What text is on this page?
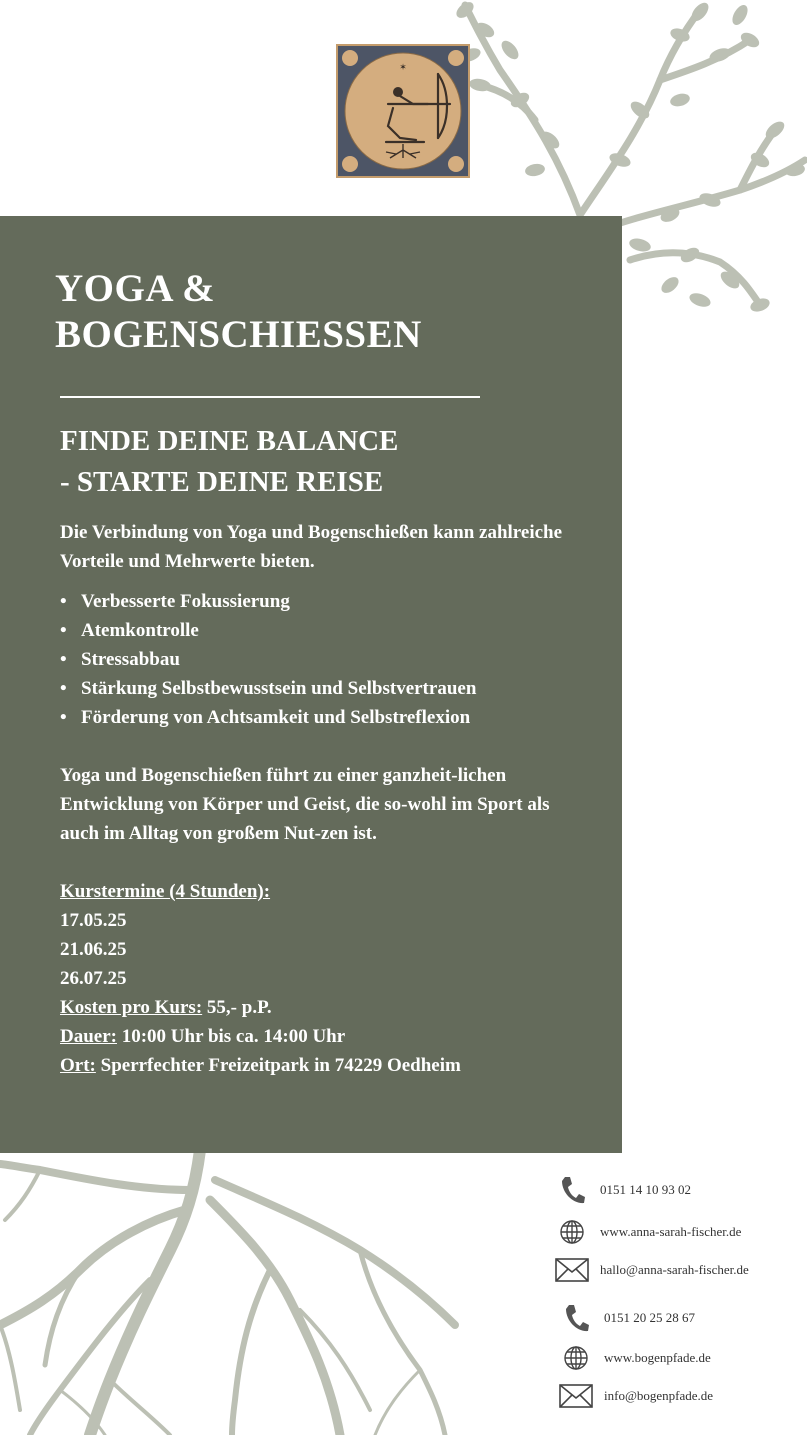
✶
YOGA &
BOGENSCHIESSEN
FINDE DEINE BALANCE
- STARTE DEINE REISE

Die Verbindung von Yoga und Bogenschießen kann zahlreiche Vorteile und Mehrwerte bieten.

• Verbesserte Fokussierung
• Atemkontrolle
• Stressabbau
• Stärkung Selbstbewusstsein und Selbstvertrauen
• Förderung von Achtsamkeit und Selbstreflexion

Yoga und Bogenschießen führt zu einer ganzheit-lichen Entwicklung von Körper und Geist, die so-wohl im Sport als auch im Alltag von großem Nut-zen ist.

Kurstermine (4 Stunden):

17.05.25

21.06.25

26.07.25

Kosten pro Kurs: 55,- p.P.

Dauer: 10:00 Uhr bis ca. 14:00 Uhr

Ort: Sperrfechter Freizeitpark in 74229 Oedheim

0151 14 10 93 02
www.anna-sarah-fischer.de
hallo@anna-sarah-fischer.de
0151 20 25 28 67
www.bogenpfade.de
info@bogenpfade.de
